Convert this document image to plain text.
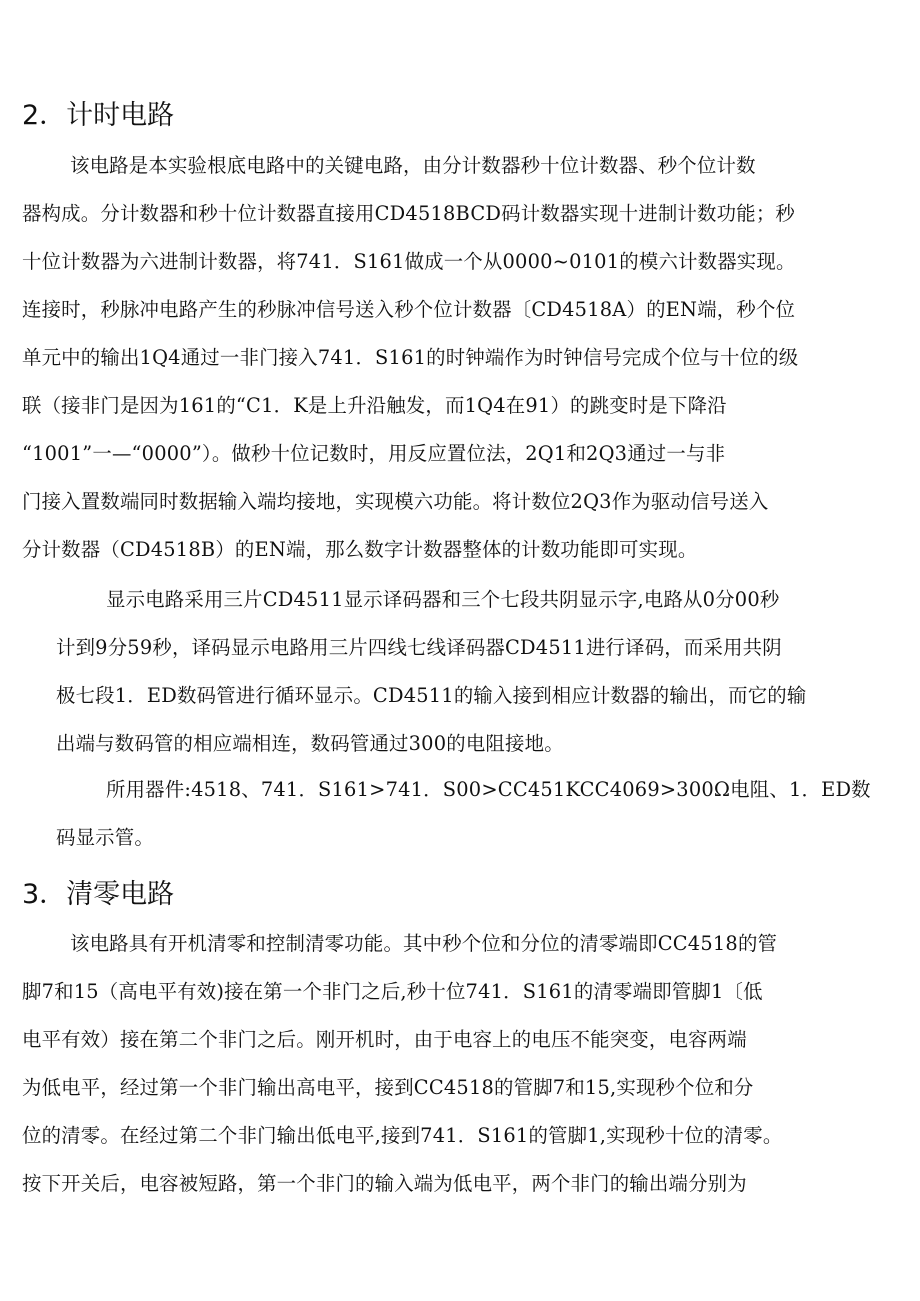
2．计时电路
该电路是本实验根底电路中的关键电路，由分计数器秒十位计数器、秒个位计数
器构成。分计数器和秒十位计数器直接用CD4518BCD码计数器实现十进制计数功能；秒
十位计数器为六进制计数器，将741．S161做成一个从0000~0101的模六计数器实现。
连接时，秒脉冲电路产生的秒脉冲信号送入秒个位计数器〔CD4518A）的EN端，秒个位
单元中的输出1Q4通过一非门接入741．S161的时钟端作为时钟信号完成个位与十位的级
联（接非门是因为161的“C1．K是上升沿触发，而1Q4在91）的跳变时是下降沿
“1001”一—“0000”）。做秒十位记数时，用反应置位法，2Q1和2Q3通过一与非
门接入置数端同时数据输入端均接地，实现模六功能。将计数位2Q3作为驱动信号送入
分计数器（CD4518B）的EN端，那么数字计数器整体的计数功能即可实现。
显示电路采用三片CD4511显示译码器和三个七段共阴显示字,电路从0分00秒
计到9分59秒，译码显示电路用三片四线七线译码器CD4511进行译码，而采用共阴
极七段1．ED数码管进行循环显示。CD4511的输入接到相应计数器的输出，而它的输
出端与数码管的相应端相连，数码管通过300的电阻接地。
所用器件:4518、741．S161>741．S00>CC451KCC4069>300Ω电阻、1．ED数
码显示管。
3．清零电路
该电路具有开机清零和控制清零功能。其中秒个位和分位的清零端即CC4518的管
脚7和15（高电平有效)接在第一个非门之后,秒十位741．S161的清零端即管脚1〔低
电平有效）接在第二个非门之后。刚开机时，由于电容上的电压不能突变，电容两端
为低电平，经过第一个非门输出高电平，接到CC4518的管脚7和15,实现秒个位和分
位的清零。在经过第二个非门输出低电平,接到741．S161的管脚1,实现秒十位的清零。
按下开关后，电容被短路，第一个非门的输入端为低电平，两个非门的输出端分别为
